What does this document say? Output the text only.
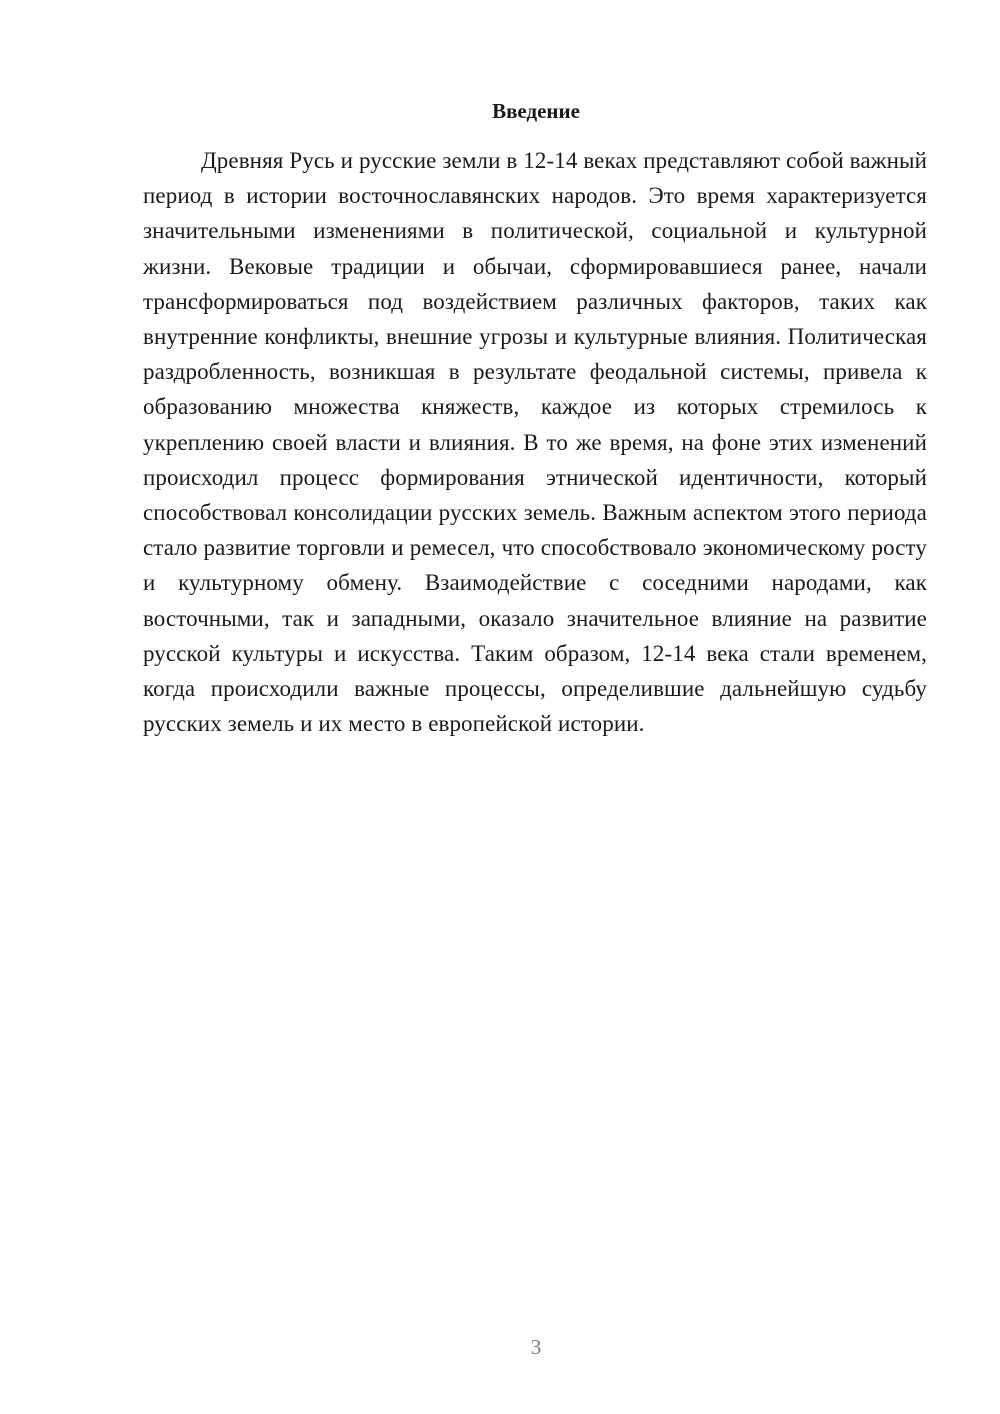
Введение

Древняя Русь и русские земли в 12-14 веках представляют собой важный период в истории восточнославянских народов. Это время характеризуется значительными изменениями в политической, социальной и культурной жизни. Вековые традиции и обычаи, сформировавшиеся ранее, начали трансформироваться под воздействием различных факторов, таких как внутренние конфликты, внешние угрозы и культурные влияния. Политическая раздробленность, возникшая в результате феодальной системы, привела к образованию множества княжеств, каждое из которых стремилось к укреплению своей власти и влияния. В то же время, на фоне этих изменений происходил процесс формирования этнической идентичности, который способствовал консолидации русских земель. Важным аспектом этого периода стало развитие торговли и ремесел, что способствовало экономическому росту и культурному обмену. Взаимодействие с соседними народами, как восточными, так и западными, оказало значительное влияние на развитие русской культуры и искусства. Таким образом, 12-14 века стали временем, когда происходили важные процессы, определившие дальнейшую судьбу русских земель и их место в европейской истории.

3
